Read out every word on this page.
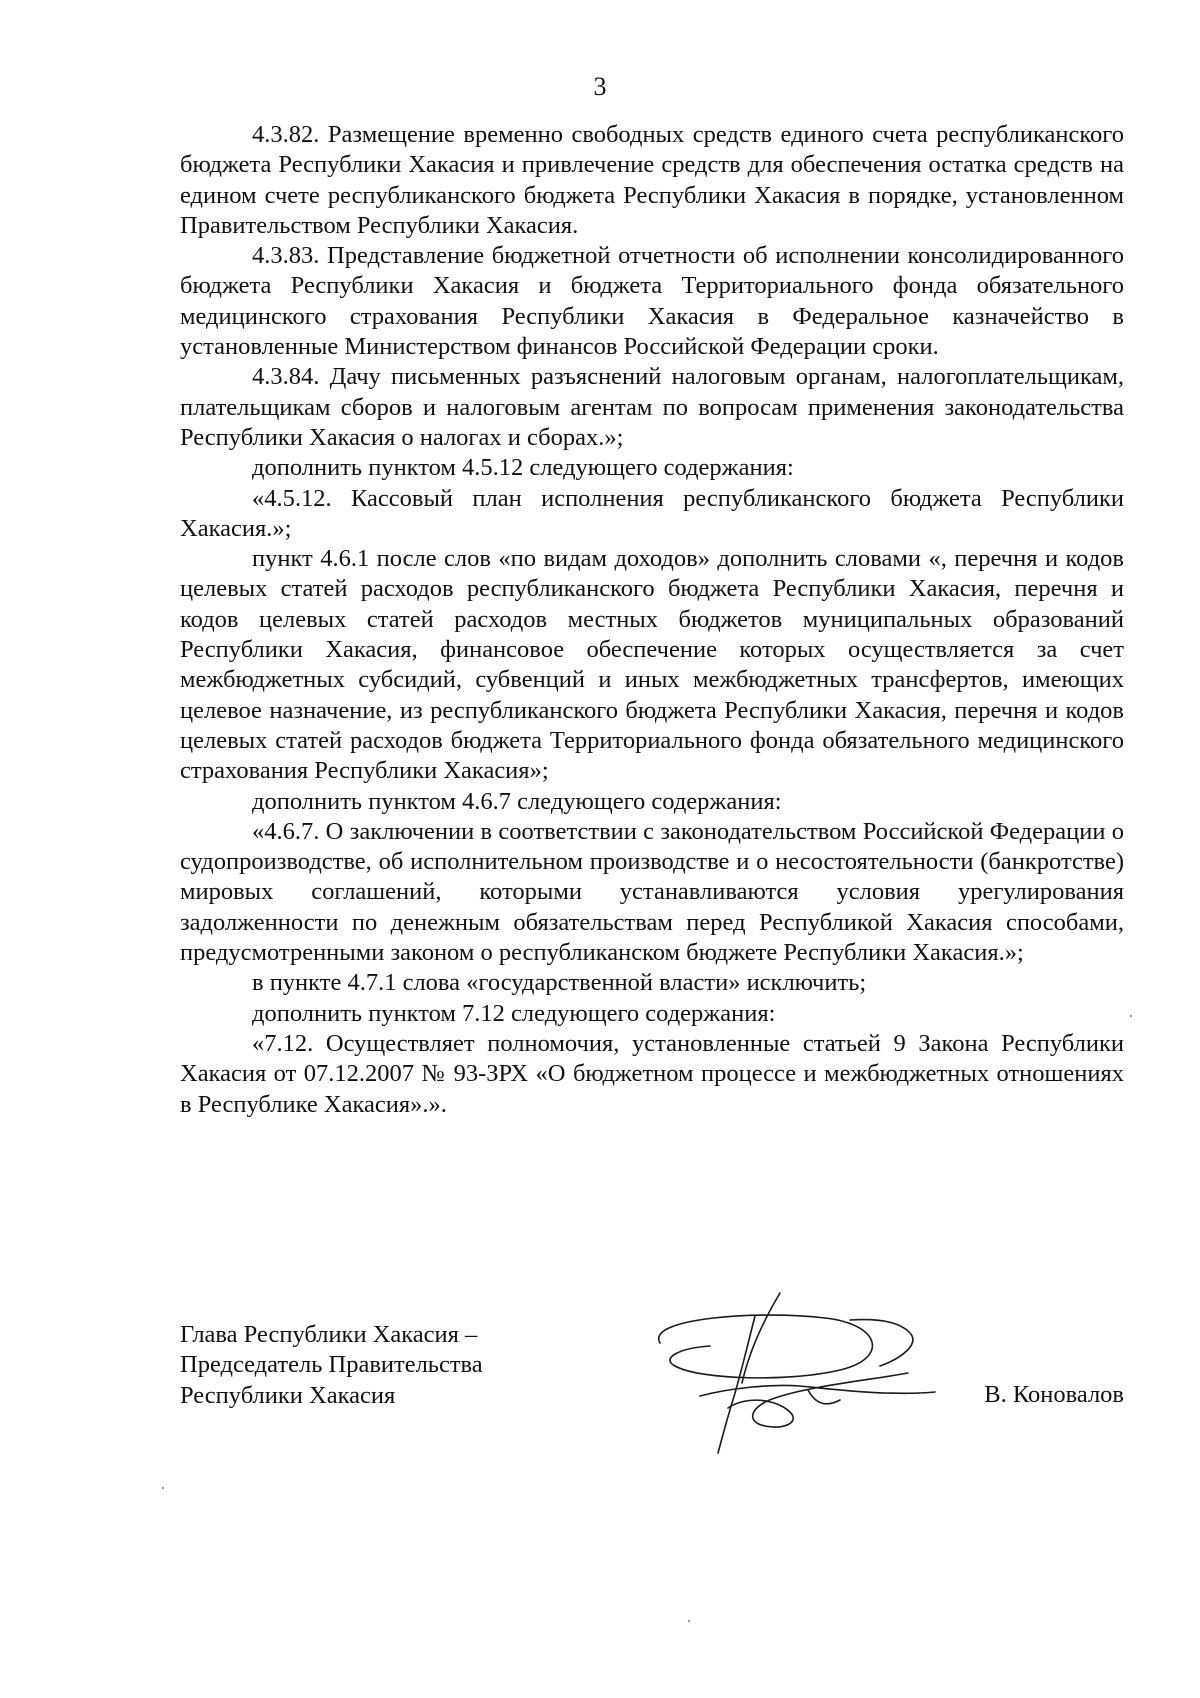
3

4.3.82. Размещение временно свободных средств единого счета республиканского бюджета Республики Хакасия и привлечение средств для обеспечения остатка средств на едином счете республиканского бюджета Республики Хакасия в порядке, установленном Правительством Республики Хакасия.

4.3.83. Представление бюджетной отчетности об исполнении консолидированного бюджета Республики Хакасия и бюджета Территориального фонда обязательного медицинского страхования Республики Хакасия в Федеральное казначейство в установленные Министерством финансов Российской Федерации сроки.

4.3.84. Дачу письменных разъяснений налоговым органам, налогоплательщикам, плательщикам сборов и налоговым агентам по вопросам применения законодательства Республики Хакасия о налогах и сборах.»;

дополнить пунктом 4.5.12 следующего содержания:

«4.5.12. Кассовый план исполнения республиканского бюджета Республики Хакасия.»;

пункт 4.6.1 после слов «по видам доходов» дополнить словами «, перечня и кодов целевых статей расходов республиканского бюджета Республики Хакасия, перечня и кодов целевых статей расходов местных бюджетов муниципальных образований Республики Хакасия, финансовое обеспечение которых осуществляется за счет межбюджетных субсидий, субвенций и иных межбюджетных трансфертов, имеющих целевое назначение, из республиканского бюджета Республики Хакасия, перечня и кодов целевых статей расходов бюджета Территориального фонда обязательного медицинского страхования Республики Хакасия»;

дополнить пунктом 4.6.7 следующего содержания:

«4.6.7. О заключении в соответствии с законодательством Российской Федерации о судопроизводстве, об исполнительном производстве и о несостоятельности (банкротстве) мировых соглашений, которыми устанавливаются условия урегулирования задолженности по денежным обязательствам перед Республикой Хакасия способами, предусмотренными законом о республиканском бюджете Республики Хакасия.»;

в пункте 4.7.1 слова «государственной власти» исключить;

дополнить пунктом 7.12 следующего содержания:

«7.12. Осуществляет полномочия, установленные статьей 9 Закона Республики Хакасия от 07.12.2007 № 93-ЗРХ «О бюджетном процессе и межбюджетных отношениях в Республике Хакасия».».

Глава Республики Хакасия –
Председатель Правительства
Республики Хакасия	В. Коновалов
